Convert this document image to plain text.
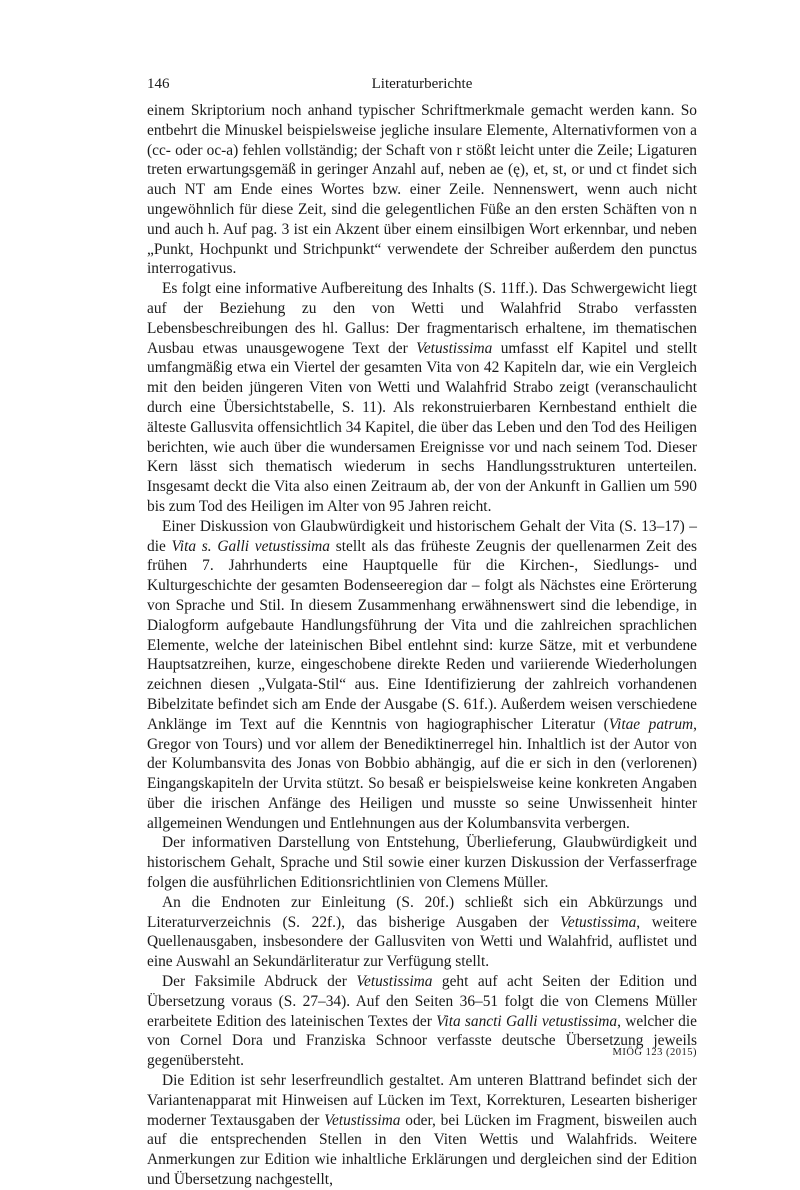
146	Literaturberichte

einem Skriptorium noch anhand typischer Schriftmerkmale gemacht werden kann. So entbehrt die Minuskel beispielsweise jegliche insulare Elemente, Alternativformen von a (cc- oder oc-a) fehlen vollständig; der Schaft von r stößt leicht unter die Zeile; Ligaturen treten erwartungsgemäß in geringer Anzahl auf, neben ae (ę), et, st, or und ct findet sich auch NT am Ende eines Wortes bzw. einer Zeile. Nennenswert, wenn auch nicht ungewöhnlich für diese Zeit, sind die gelegentlichen Füße an den ersten Schäften von n und auch h. Auf pag. 3 ist ein Akzent über einem einsilbigen Wort erkennbar, und neben „Punkt, Hochpunkt und Strichpunkt“ verwendete der Schreiber außerdem den punctus interrogativus.

Es folgt eine informative Aufbereitung des Inhalts (S. 11ff.). Das Schwergewicht liegt auf der Beziehung zu den von Wetti und Walahfrid Strabo verfassten Lebensbeschreibungen des hl. Gallus: Der fragmentarisch erhaltene, im thematischen Ausbau etwas unausgewogene Text der Vetustissima umfasst elf Kapitel und stellt umfangmäßig etwa ein Viertel der gesamten Vita von 42 Kapiteln dar, wie ein Vergleich mit den beiden jüngeren Viten von Wetti und Walahfrid Strabo zeigt (veranschaulicht durch eine Übersichtstabelle, S. 11). Als rekonstruierbaren Kernbestand enthielt die älteste Gallusvita offensichtlich 34 Kapitel, die über das Leben und den Tod des Heiligen berichten, wie auch über die wundersamen Ereignisse vor und nach seinem Tod. Dieser Kern lässt sich thematisch wiederum in sechs Handlungsstrukturen unterteilen. Insgesamt deckt die Vita also einen Zeitraum ab, der von der Ankunft in Gallien um 590 bis zum Tod des Heiligen im Alter von 95 Jahren reicht.

Einer Diskussion von Glaubwürdigkeit und historischem Gehalt der Vita (S. 13–17) – die Vita s. Galli vetustissima stellt als das früheste Zeugnis der quellenarmen Zeit des frühen 7. Jahrhunderts eine Hauptquelle für die Kirchen-, Siedlungs- und Kulturgeschichte der gesamten Bodenseeregion dar – folgt als Nächstes eine Erörterung von Sprache und Stil. In diesem Zusammenhang erwähnenswert sind die lebendige, in Dialogform aufgebaute Handlungsführung der Vita und die zahlreichen sprachlichen Elemente, welche der lateinischen Bibel entlehnt sind: kurze Sätze, mit et verbundene Hauptsatzreihen, kurze, eingeschobene direkte Reden und variierende Wiederholungen zeichnen diesen „Vulgata-Stil“ aus. Eine Identifizierung der zahlreich vorhandenen Bibelzitate befindet sich am Ende der Ausgabe (S. 61f.). Außerdem weisen verschiedene Anklänge im Text auf die Kenntnis von hagiographischer Literatur (Vitae patrum, Gregor von Tours) und vor allem der Benediktinerregel hin. Inhaltlich ist der Autor von der Kolumbansvita des Jonas von Bobbio abhängig, auf die er sich in den (verlorenen) Eingangskapiteln der Urvita stützt. So besaß er beispielsweise keine konkreten Angaben über die irischen Anfänge des Heiligen und musste so seine Unwissenheit hinter allgemeinen Wendungen und Entlehnungen aus der Kolumbansvita verbergen.

Der informativen Darstellung von Entstehung, Überlieferung, Glaubwürdigkeit und historischem Gehalt, Sprache und Stil sowie einer kurzen Diskussion der Verfasserfrage folgen die ausführlichen Editionsrichtlinien von Clemens Müller.

An die Endnoten zur Einleitung (S. 20f.) schließt sich ein Abkürzungs und Literaturverzeichnis (S. 22f.), das bisherige Ausgaben der Vetustissima, weitere Quellenausgaben, insbesondere der Gallusviten von Wetti und Walahfrid, auflistet und eine Auswahl an Sekundärliteratur zur Verfügung stellt.

Der Faksimile Abdruck der Vetustissima geht auf acht Seiten der Edition und Übersetzung voraus (S. 27–34). Auf den Seiten 36–51 folgt die von Clemens Müller erarbeitete Edition des lateinischen Textes der Vita sancti Galli vetustissima, welcher die von Cornel Dora und Franziska Schnoor verfasste deutsche Übersetzung jeweils gegenübersteht.

Die Edition ist sehr leserfreundlich gestaltet. Am unteren Blattrand befindet sich der Variantenapparat mit Hinweisen auf Lücken im Text, Korrekturen, Lesearten bisheriger moderner Textausgaben der Vetustissima oder, bei Lücken im Fragment, bisweilen auch auf die entsprechenden Stellen in den Viten Wettis und Walahfrids. Weitere Anmerkungen zur Edition wie inhaltliche Erklärungen und dergleichen sind der Edition und Übersetzung nachgestellt,

MIÖG 123 (2015)
